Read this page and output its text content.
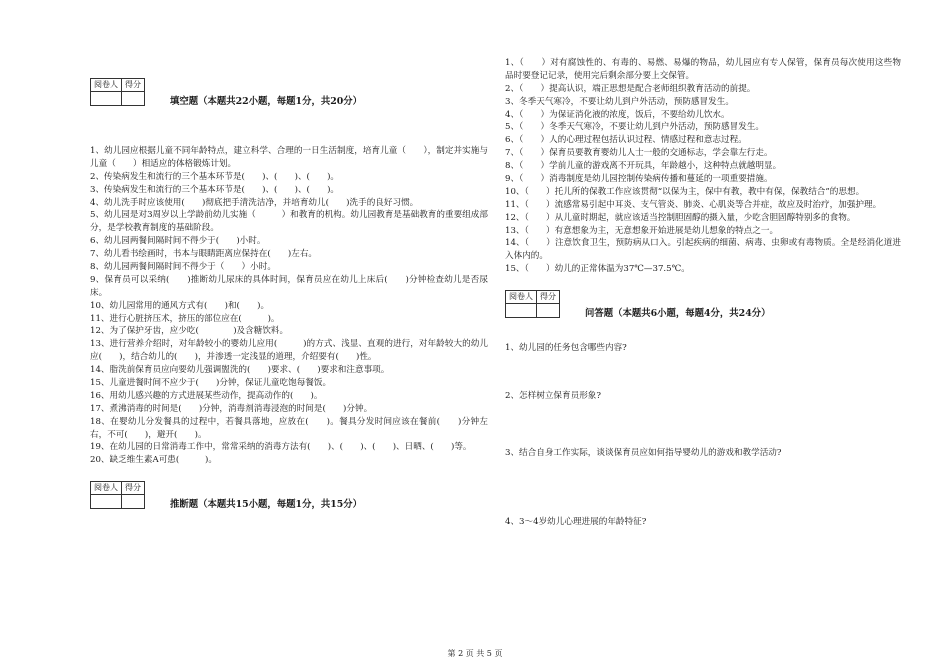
阅卷人	得分

填空题（本题共22小题，每题1分，共20分）

1、幼儿园应根据儿童不同年龄特点，建立科学、合理的一日生活制度，培育儿童（　　），制定并实施与儿童（　　）相适应的体格锻炼计划。

2、传染病发生和流行的三个基本环节是(　　)、(　　)、(　　)。

3、传染病发生和流行的三个基本环节是(　　)、(　　)、(　　)。

4、幼儿洗手时应该使用(　　)彻底把手清洗洁净，并培育幼儿(　　)洗手的良好习惯。

5、幼儿园是对3周岁以上学龄前幼儿实施（　　　）和教育的机构。幼儿园教育是基础教育的重要组成部分，是学校教育制度的基础阶段。

6、幼儿园两餐间隔时间不得少于(　　)小时。

7、幼儿看书绘画时，书本与眼睛距离应保持在(　　)左右。

8、幼儿园两餐间隔时间不得少于（　　）小时。

9、保育员可以采纳(　　)推断幼儿尿床的具体时间，保育员应在幼儿上床后(　　)分钟检查幼儿是否尿床。

10、幼儿园常用的通风方式有(　　)和(　　)。

11、进行心脏挤压术，挤压的部位应在(　　　)。

12、为了保护牙齿，应少吃(　　　　)及含糖饮料。

13、进行营养介绍时，对年龄较小的婴幼儿应用(　　　)的方式、浅显、直观的进行，对年龄较大的幼儿应(　　)，结合幼儿的(　　)，并渗透一定浅显的道理，介绍要有(　　)性。

14、脂洗前保育员应向要幼儿强调盥洗的(　　)要求、(　　)要求和注意事项。

15、儿童进餐时间不应少于(　　)分钟，保证儿童吃饱每餐饭。

16、用幼儿感兴趣的方式进展某些动作，提高动作的(　　)。

17、煮沸消毒的时间是(　　)分钟，消毒剂消毒浸泡的时间是(　　)分钟。

18、在婴幼儿分发餐具的过程中，若餐具落地，应放在(　　)。餐具分发时间应该在餐前(　　)分钟左右，不可(　　)，避开(　　)。

19、在幼儿园的日常消毒工作中，常常采纳的消毒方法有(　　)、(　　)、(　　)、日晒、(　　)等。

20、缺乏维生素A可患(　　　)。

阅卷人	得分

推断题（本题共15小题，每题1分，共15分）

1、（　　）对有腐蚀性的、有毒的、易燃、易爆的物品，幼儿园应有专人保管，保育员每次使用这些物品时要登记记录，使用完后剩余部分要上交保管。

2、（　　）提高认识，端正思想是配合老师组织教育活动的前提。

3、冬季天气寒冷，不要让幼儿到户外活动，预防感冒发生。

4、（　　）为保证消化液的浓度，饭后，不要给幼儿饮水。

5、（　　）冬季天气寒冷，不要让幼儿到户外活动，预防感冒发生。

6、（　　）人的心理过程包括认识过程、情感过程和意志过程。

7、（　　）保育员要教育婴幼儿人士一般的交通标志，学会靠左行走。

8、（　　）学前儿童的游戏离不开玩具，年龄越小，这种特点就越明显。

9、（　　）消毒制度是幼儿园控制传染病传播和蔓延的一项重要措施。

10、（　　）托儿所的保教工作应该贯彻“以保为主，保中有教，教中有保，保教结合”的思想。

11、（　　）流感常易引起中耳炎、支气管炎、肺炎、心肌炎等合并症，故应及时治疗，加强护理。

12、（　　）从儿童时期起，就应该适当控制胆固醇的摄入量，少吃含胆固醇特别多的食物。

13、（　　）有意想象为主，无意想象开始进展是幼儿想象的特点之一。

14、（　　）注意饮食卫生，预防病从口入。引起疾病的细菌、病毒、虫卵或有毒物质。全是经消化道进入体内的。

15、（　　）幼儿的正常体温为37℃—37.5℃。

阅卷人	得分

问答题（本题共6小题，每题4分，共24分）

1、幼儿园的任务包含哪些内容?

2、怎样树立保育员形象?

3、结合自身工作实际，谈谈保育员应如何指导婴幼儿的游戏和教学活动?

4、3～4岁幼儿心理进展的年龄特征?

第 2 页 共 5 页
